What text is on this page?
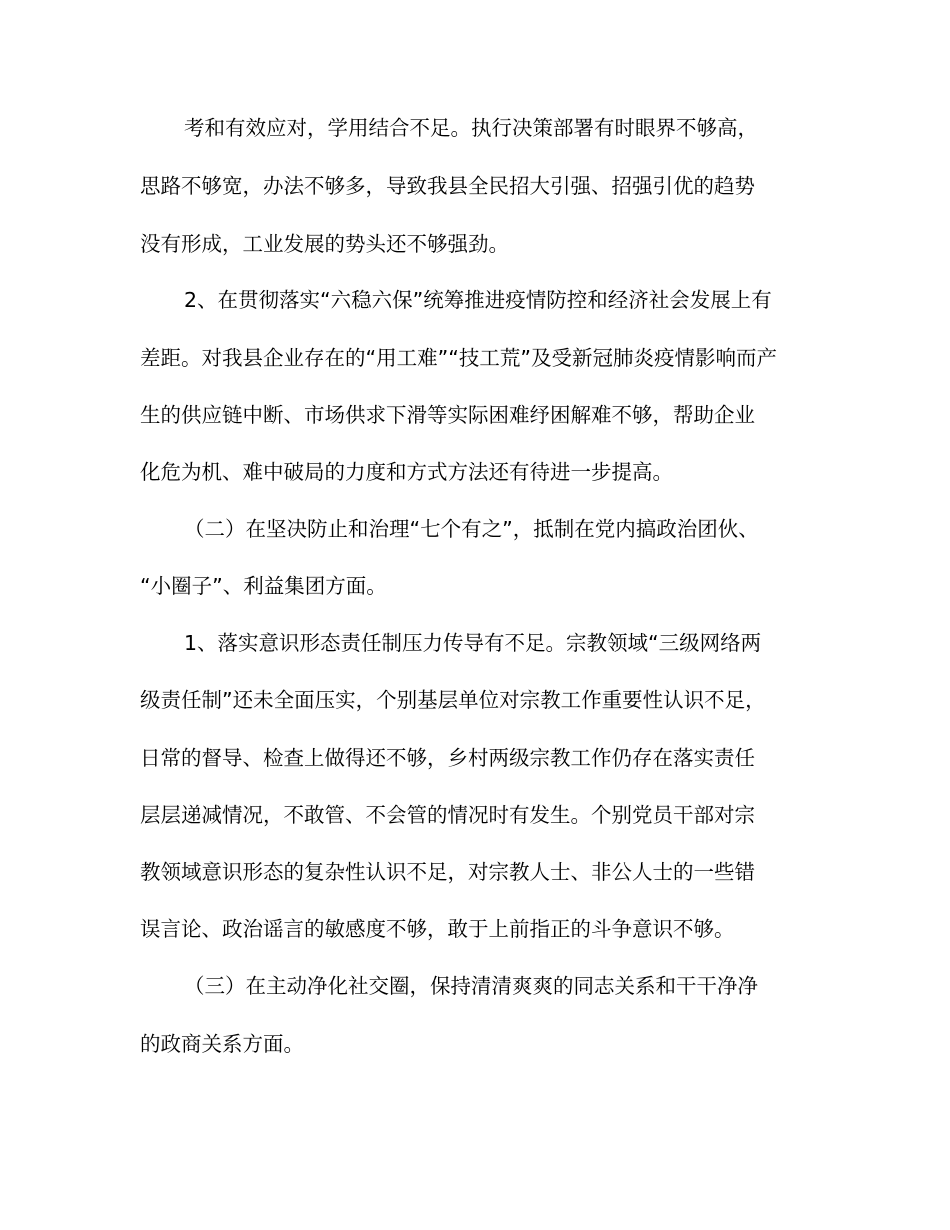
考和有效应对，学用结合不足。执行决策部署有时眼界不够高，
思路不够宽，办法不够多，导致我县全民招大引强、招强引优的趋势
没有形成，工业发展的势头还不够强劲。
2、在贯彻落实“六稳六保”统筹推进疫情防控和经济社会发展上有
差距。对我县企业存在的“用工难”“技工荒”及受新冠肺炎疫情影响而产
生的供应链中断、市场供求下滑等实际困难纾困解难不够，帮助企业
化危为机、难中破局的力度和方式方法还有待进一步提高。
（二）在坚决防止和治理“七个有之”，抵制在党内搞政治团伙、
“小圈子”、利益集团方面。
1、落实意识形态责任制压力传导有不足。宗教领域“三级网络两
级责任制”还未全面压实，个别基层单位对宗教工作重要性认识不足，
日常的督导、检查上做得还不够，乡村两级宗教工作仍存在落实责任
层层递减情况，不敢管、不会管的情况时有发生。个别党员干部对宗
教领域意识形态的复杂性认识不足，对宗教人士、非公人士的一些错
误言论、政治谣言的敏感度不够，敢于上前指正的斗争意识不够。
（三）在主动净化社交圈，保持清清爽爽的同志关系和干干净净
的政商关系方面。
